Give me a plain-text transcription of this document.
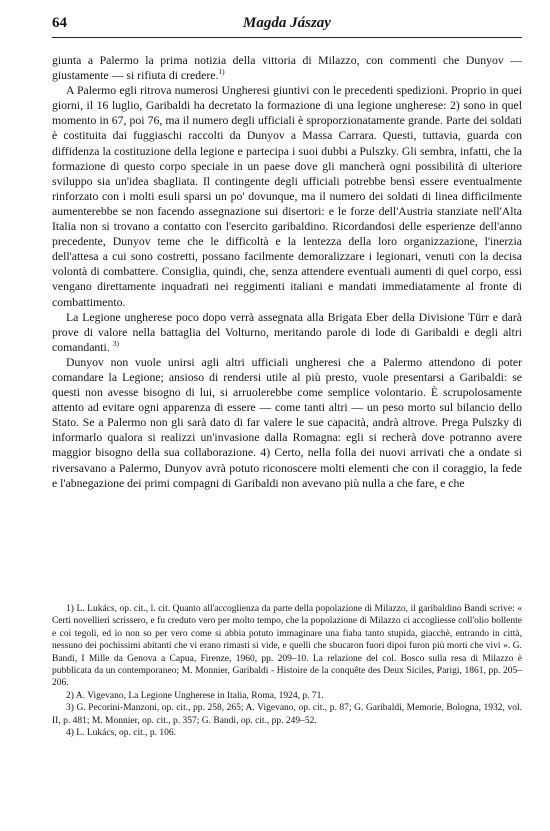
64	Magda Jászay

giunta a Palermo la prima notizia della vittoria di Milazzo, con commenti che Dunyov — giustamente — si rifiuta di credere.$^{1)}$

A Palermo egli ritrova numerosi Ungheresi giuntivi con le precedenti spedizioni. Proprio in quei giorni, il 16 luglio, Garibaldi ha decretato la formazione di una legione ungherese: 2) sono in quel momento in 67, poi 76, ma il numero degli ufficiali è sproporzionatamente grande. Parte dei soldati è costituita dai fuggiaschi raccolti da Dunyov a Massa Carrara. Questi, tuttavia, guarda con diffidenza la costituzione della legione e partecipa i suoi dubbi a Pulszky. Gli sembra, infatti, che la formazione di questo corpo speciale in un paese dove gli mancherà ogni possibilità di ulteriore sviluppo sia un'idea sbagliata. Il contingente degli ufficiali potrebbe bensì essere eventualmente rinforzato con i molti esuli sparsi un po' dovunque, ma il numero dei soldati di linea difficilmente aumenterebbe se non facendo assegnazione sui disertori: e le forze dell'Austria stanziate nell'Alta Italia non si trovano a contatto con l'esercito garibaldino. Ricordandosi delle esperienze dell'anno precedente, Dunyov teme che le difficoltà e la lentezza della loro organizzazione, l'inerzia dell'attesa a cui sono costretti, possano facilmente demoralizzare i legionari, venuti con la decisa volontà di combattere. Consiglia, quindi, che, senza attendere eventuali aumenti di quel corpo, essi vengano direttamente inquadrati nei reggimenti italiani e mandati immediatamente al fronte di combattimento.

La Legione ungherese poco dopo verrà assegnata alla Brigata Eber della Divisione Türr e darà prove di valore nella battaglia del Volturno, meritando parole di lode di Garibaldi e degli altri comandanti. $^{3)}$

Dunyov non vuole unirsi agli altri ufficiali ungheresi che a Palermo attendono di poter comandare la Legione; ansioso di rendersi utile al più presto, vuole presentarsi a Garibaldi: se questi non avesse bisogno di lui, si arruolerebbe come semplice volontario. È scrupolosamente attento ad evitare ogni apparenza di essere — come tanti altri — un peso morto sul bilancio dello Stato. Se a Palermo non gli sarà dato di far valere le sue capacità, andrà altrove. Prega Pulszky di informarlo qualora si realizzi un'invasione dalla Romagna: egli si recherà dove potranno avere maggior bisogno della sua collaborazione. 4) Certo, nella folla dei nuovi arrivati che a ondate si riversavano a Palermo, Dunyov avrà potuto riconoscere molti elementi che con il coraggio, la fede e l'abnegazione dei primi compagni di Garibaldi non avevano più nulla a che fare, e che

1) L. Lukács, op. cit., l. cit. Quanto all'accoglienza da parte della popolazione di Milazzo, il garibaldino Bandi scrive: « Certi novellieri scrissero, e fu creduto vero per molto tempo, che la popolazione di Milazzo ci accogliesse coll'olio bollente e coi tegoli, ed io non so per vero come si abbia potuto immaginare una fiaba tanto stupida, giacchè, entrando in città, nessuno dei pochissimi abitanti che vi erano rimasti si vide, e quelli che sbucaron fuori dipoi furon più morti che vivi ». G. Bandi, I Mille da Genova a Capua, Firenze, 1960, pp. 209–10. La relazione del col. Bosco sulla resa di Milazzo è pubblicata da un contemporaneo; M. Monnier, Garibaldi - Histoire de la conquête des Deux Siciles, Parigi, 1861, pp. 205–206.

2) A. Vigevano, La Legione Ungherese in Italia, Roma, 1924, p. 71.

3) G. Pecorini-Manzoni, op. cit., pp. 258, 265; A. Vigevano, op. cit., p. 87; G. Garibaldi, Memorie, Bologna, 1932, vol. II, p. 481; M. Monnier, op. cit., p. 357; G. Bandi, op. cit., pp. 249–52.

4) L. Lukács, op. cit., p. 106.
